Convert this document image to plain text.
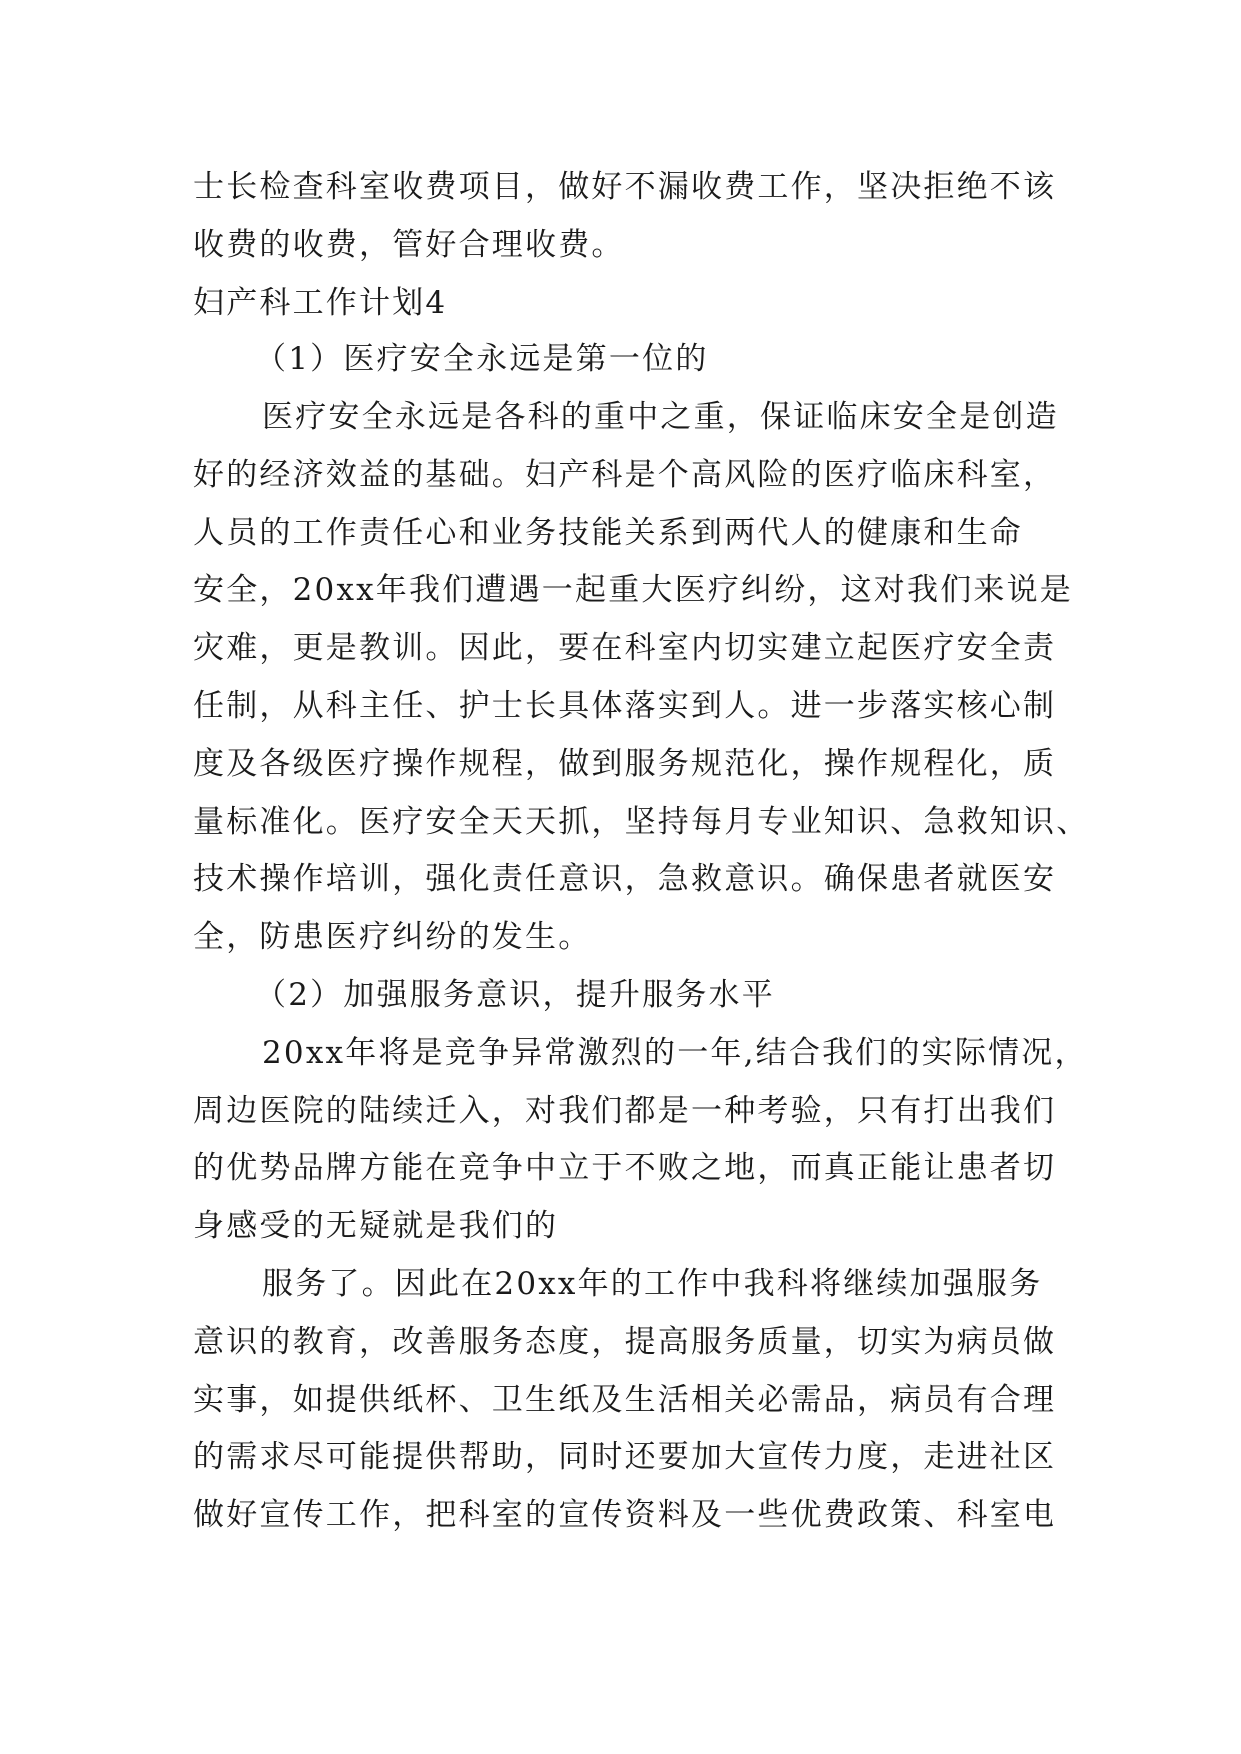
士长检查科室收费项目，做好不漏收费工作，坚决拒绝不该
收费的收费，管好合理收费。
妇产科工作计划4
（1）医疗安全永远是第一位的
医疗安全永远是各科的重中之重，保证临床安全是创造
好的经济效益的基础。妇产科是个高风险的医疗临床科室，
人员的工作责任心和业务技能关系到两代人的健康和生命
安全，20xx年我们遭遇一起重大医疗纠纷，这对我们来说是
灾难，更是教训。因此，要在科室内切实建立起医疗安全责
任制，从科主任、护士长具体落实到人。进一步落实核心制
度及各级医疗操作规程，做到服务规范化，操作规程化，质
量标准化。医疗安全天天抓，坚持每月专业知识、急救知识、
技术操作培训，强化责任意识，急救意识。确保患者就医安
全，防患医疗纠纷的发生。
（2）加强服务意识，提升服务水平
20xx年将是竞争异常激烈的一年,结合我们的实际情况，
周边医院的陆续迁入，对我们都是一种考验，只有打出我们
的优势品牌方能在竞争中立于不败之地，而真正能让患者切
身感受的无疑就是我们的
服务了。因此在20xx年的工作中我科将继续加强服务
意识的教育，改善服务态度，提高服务质量，切实为病员做
实事，如提供纸杯、卫生纸及生活相关必需品，病员有合理
的需求尽可能提供帮助，同时还要加大宣传力度，走进社区
做好宣传工作，把科室的宣传资料及一些优费政策、科室电
